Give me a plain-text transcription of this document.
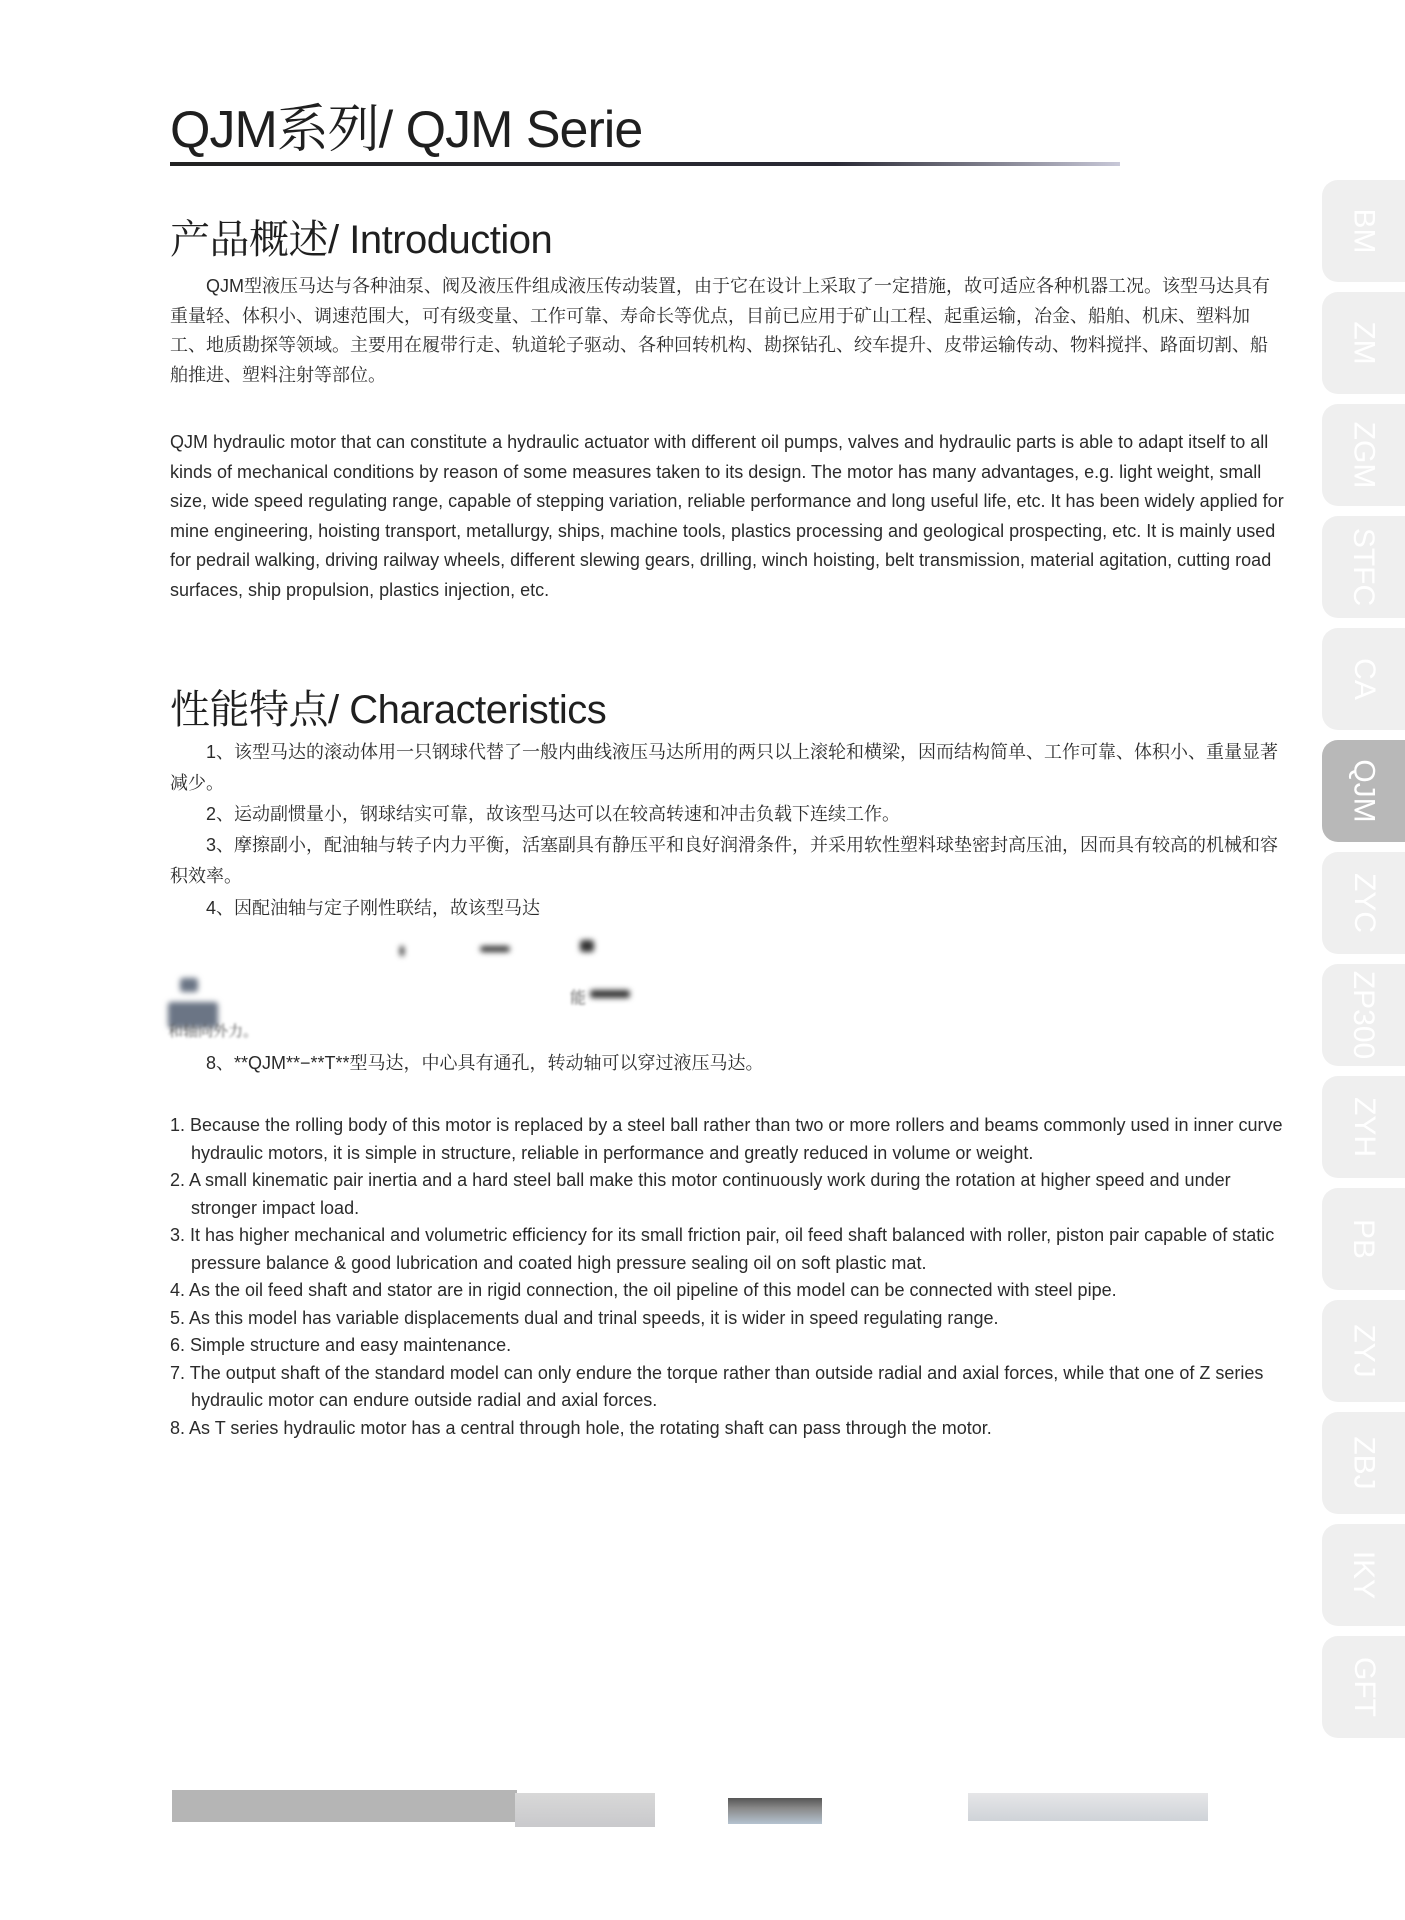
QJM系列/ QJM Serie
产品概述/ Introduction

QJM型液压马达与各种油泵、阀及液压件组成液压传动装置，由于它在设计上采取了一定措施，故可适应各种机器工况。该型马达具有重量轻、体积小、调速范围大，可有级变量、工作可靠、寿命长等优点，目前已应用于矿山工程、起重运输，冶金、船舶、机床、塑料加工、地质勘探等领域。主要用在履带行走、轨道轮子驱动、各种回转机构、勘探钻孔、绞车提升、皮带运输传动、物料搅拌、路面切割、船舶推进、塑料注射等部位。

QJM hydraulic motor that can constitute a hydraulic actuator with different oil pumps, valves and hydraulic parts is able to adapt itself to all kinds of mechanical conditions by reason of some measures taken to its design. The motor has many advantages, e.g. light weight, small size, wide speed regulating range, capable of stepping variation, reliable performance and long useful life, etc. It has been widely applied for mine engineering, hoisting transport, metallurgy, ships, machine tools, plastics processing and geological prospecting, etc. It is mainly used for pedrail walking, driving railway wheels, different slewing gears, drilling, winch hoisting, belt transmission, material agitation, cutting road surfaces, ship propulsion, plastics injection, etc.

性能特点/ Characteristics

1、该型马达的滚动体用一只钢球代替了一般内曲线液压马达所用的两只以上滚轮和横梁，因而结构简单、工作可靠、体积小、重量显著减少。

2、运动副惯量小，钢球结实可靠，故该型马达可以在较高转速和冲击负载下连续工作。

3、摩擦副小，配油轴与转子内力平衡，活塞副具有静压平和良好润滑条件，并采用软性塑料球垫密封高压油，因而具有较高的机械和容积效率。

4、因配油轴与定子刚性联结，故该型马达

能
和轴向外力。

8、**QJM**−**T**型马达，中心具有通孔，转动轴可以穿过液压马达。

1. Because the rolling body of this motor is replaced by a steel ball rather than two or more rollers and beams commonly used in inner curve hydraulic motors, it is simple in structure, reliable in performance and greatly reduced in volume or weight.
2. A small kinematic pair inertia and a hard steel ball make this motor continuously work during the rotation at higher speed and under stronger impact load.
3. It has higher mechanical and volumetric efficiency for its small friction pair, oil feed shaft balanced with roller, piston pair capable of static pressure balance & good lubrication and coated high pressure sealing oil on soft plastic mat.
4. As the oil feed shaft and stator are in rigid connection, the oil pipeline of this model can be connected with steel pipe.
5. As this model has variable displacements dual and trinal speeds, it is wider in speed regulating range.
6. Simple structure and easy maintenance.
7. The output shaft of the standard model can only endure the torque rather than outside radial and axial forces, while that one of Z series hydraulic motor can endure outside radial and axial forces.
8. As T series hydraulic motor has a central through hole, the rotating shaft can pass through the motor.
BM
ZM
ZGM
STFC
CA
QJM
ZYC
ZP300
ZYH
PB
ZYJ
ZBJ
IKY
GFT
